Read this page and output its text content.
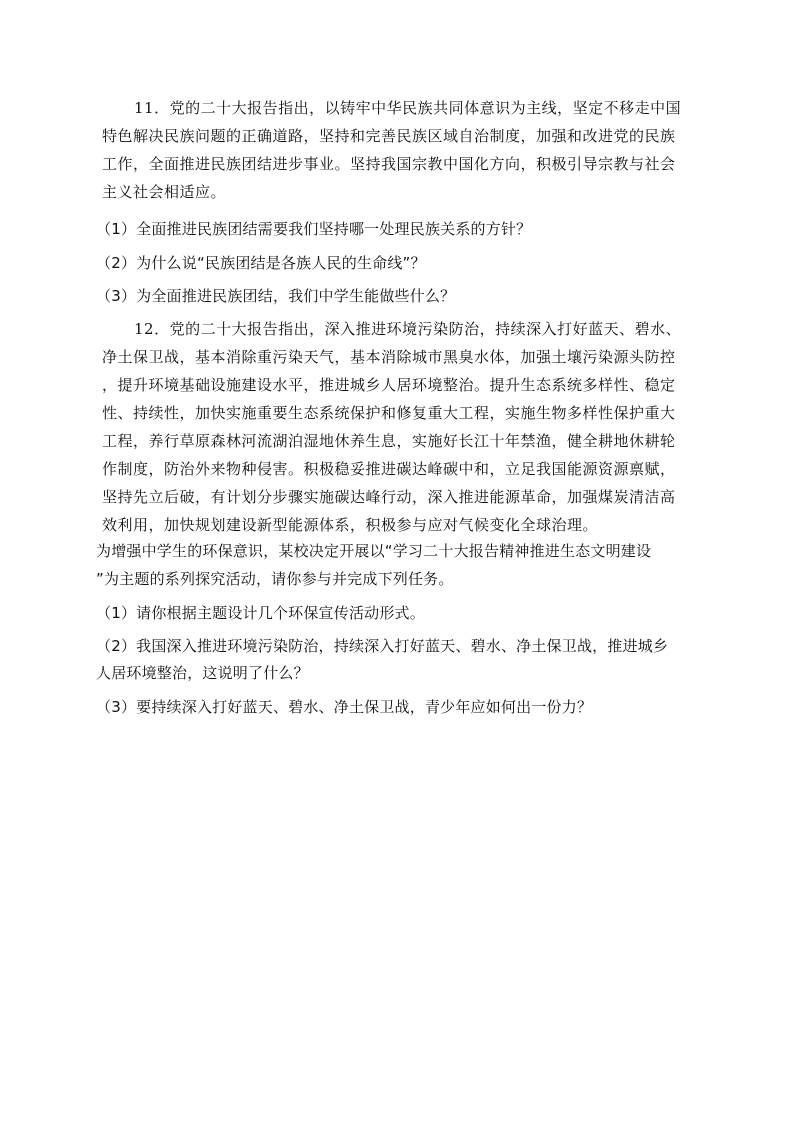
11．党的二十大报告指出，以铸牢中华民族共同体意识为主线，坚定不移走中国
特色解决民族问题的正确道路，坚持和完善民族区域自治制度，加强和改进党的民族
工作，全面推进民族团结进步事业。坚持我国宗教中国化方向，积极引导宗教与社会
主义社会相适应。
（1）全面推进民族团结需要我们坚持哪一处理民族关系的方针？
（2）为什么说“民族团结是各族人民的生命线”？
（3）为全面推进民族团结，我们中学生能做些什么？
12．党的二十大报告指出，深入推进环境污染防治，持续深入打好蓝天、碧水、
净土保卫战，基本消除重污染天气，基本消除城市黑臭水体，加强土壤污染源头防控
，提升环境基础设施建设水平，推进城乡人居环境整治。提升生态系统多样性、稳定
性、持续性，加快实施重要生态系统保护和修复重大工程，实施生物多样性保护重大
工程，养行草原森林河流湖泊湿地休养生息，实施好长江十年禁渔，健全耕地休耕轮
作制度，防治外来物种侵害。积极稳妥推进碳达峰碳中和，立足我国能源资源禀赋，
坚持先立后破，有计划分步骤实施碳达峰行动，深入推进能源革命，加强煤炭清洁高
效利用，加快规划建设新型能源体系，积极参与应对气候变化全球治理。
为增强中学生的环保意识，某校决定开展以“学习二十大报告精神推进生态文明建设
”为主题的系列探究活动，请你参与并完成下列任务。
（1）请你根据主题设计几个环保宣传活动形式。
（2）我国深入推进环境污染防治，持续深入打好蓝天、碧水、净土保卫战，推进城乡
人居环境整治，这说明了什么？
（3）要持续深入打好蓝天、碧水、净土保卫战，青少年应如何出一份力？
